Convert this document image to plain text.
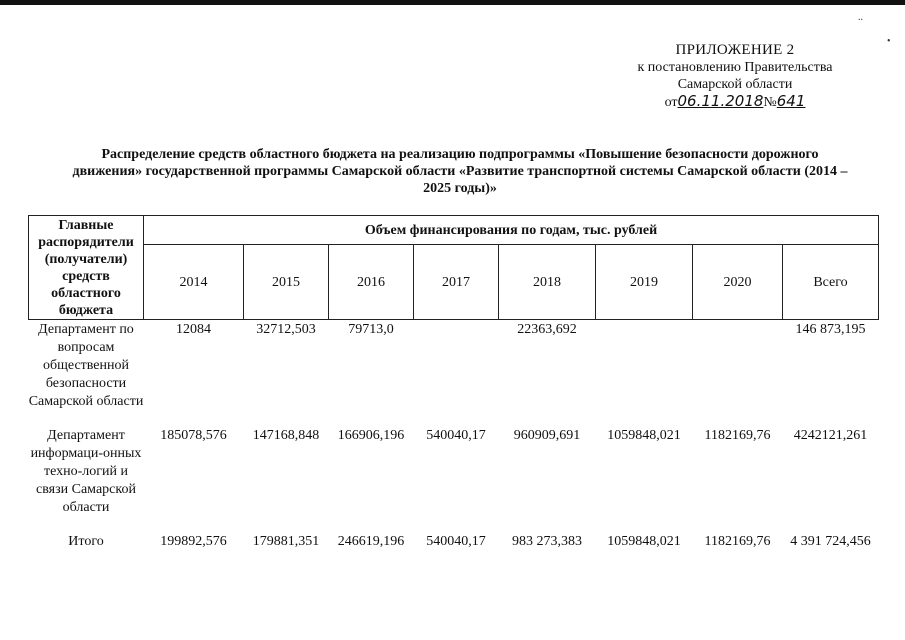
..
•
ПРИЛОЖЕНИЕ 2
к постановлению Правительства
Самарской области
от06.11.2018№641
Распределение средств областного бюджета на реализацию подпрограммы «Повышение безопасности дорожного движения» государственной программы Самарской области «Развитие транспортной системы Самарской области (2014 – 2025 годы)»
Главные распорядители (получатели) средств областного бюджета	Объем финансирования по годам, тыс. рублей							
	2014	2015	2016	2017	2018	2019	2020	Всего
Департамент по вопросам общественной безопасности Самарской области	12084	32712,503	79713,0		22363,692			146 873,195
Департамент информаци-онных техно-логий и связи Самарской области	185078,576	147168,848	166906,196	540040,17	960909,691	1059848,021	1182169,76	4242121,261
Итого	199892,576	179881,351	246619,196	540040,17	983 273,383	1059848,021	1182169,76	4 391 724,456
